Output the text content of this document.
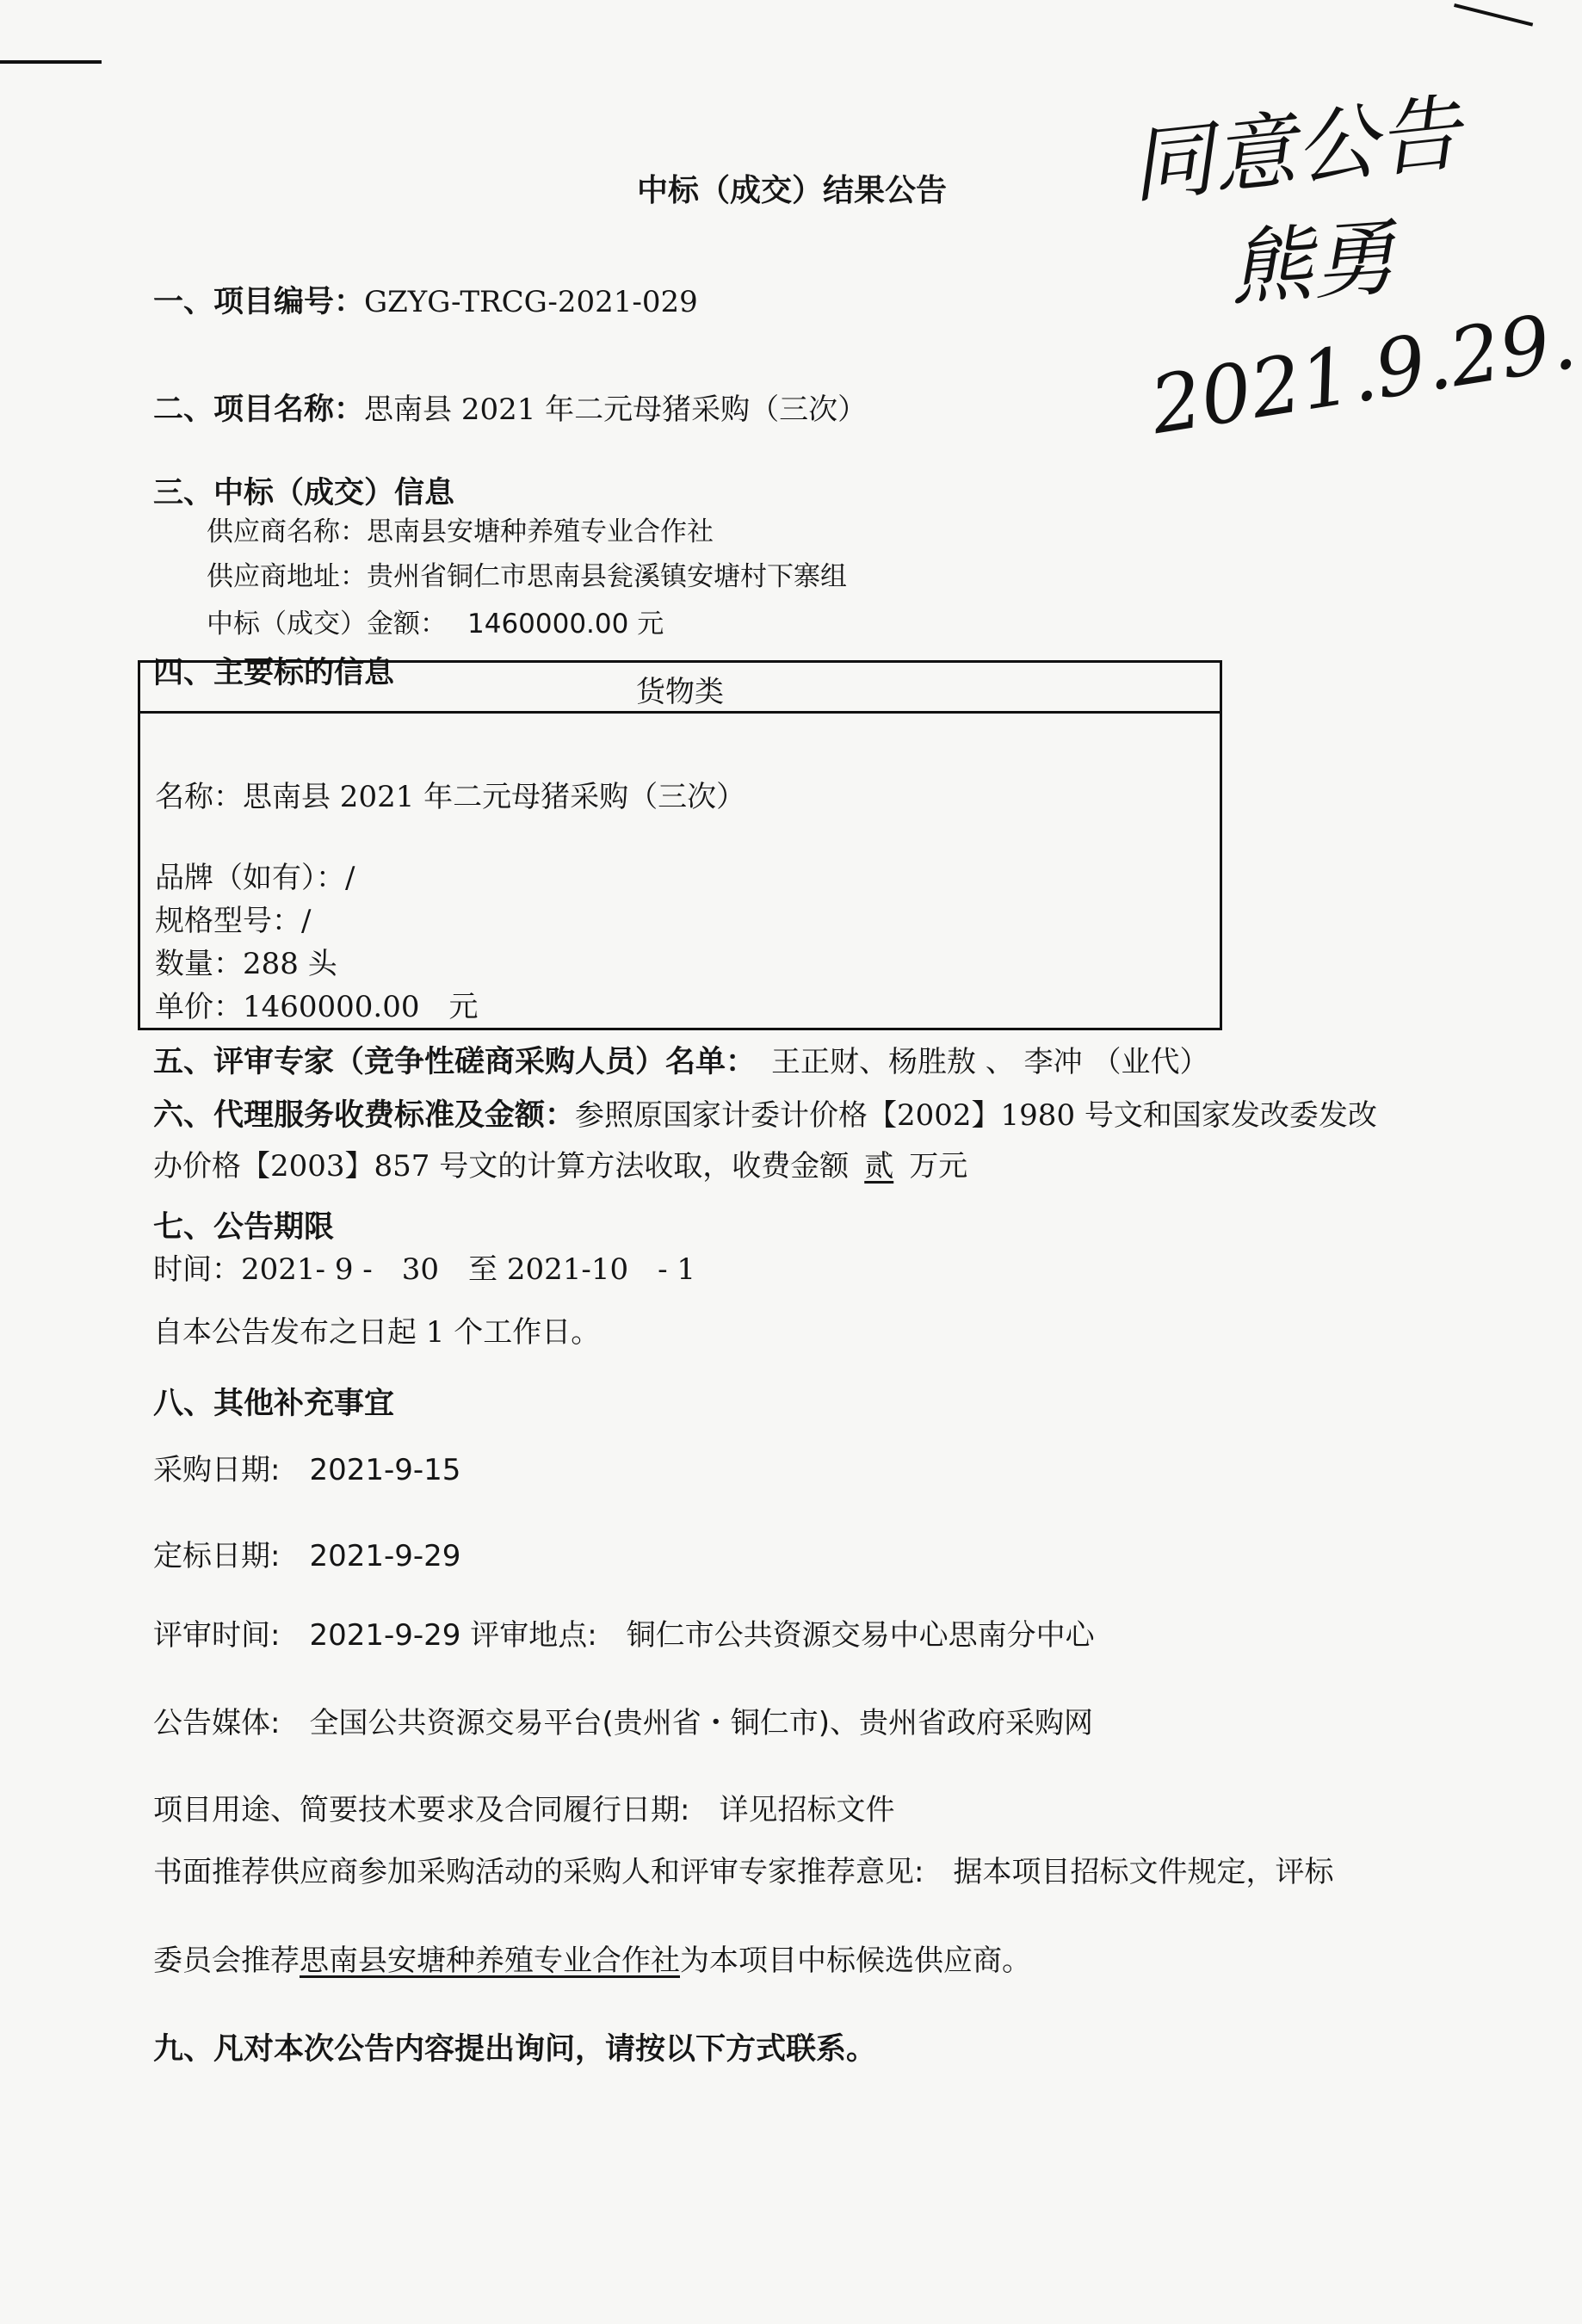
同意公告
熊勇
2021.9.29.
中标（成交）结果公告
一、项目编号：GZYG-TRCG-2021-029
二、项目名称：思南县 2021 年二元母猪采购（三次）
三、中标（成交）信息
供应商名称：思南县安塘种养殖专业合作社
供应商地址：贵州省铜仁市思南县瓮溪镇安塘村下寨组
中标（成交）金额： 1460000.00 元
四、主要标的信息
货物类
名称：思南县 2021 年二元母猪采购（三次）
品牌（如有）：/
规格型号：/
数量：288 头
单价：1460000.00　元
五、评审专家（竞争性磋商采购人员）名单： 王正财、杨胜敖 、 李冲 （业代）
六、代理服务收费标准及金额：参照原国家计委计价格【2002】1980 号文和国家发改委发改
办价格【2003】857 号文的计算方法收取，收费金额 贰 万元
七、公告期限
时间：2021- 9 -　30　至 2021-10　- 1
自本公告发布之日起 1 个工作日。
八、其他补充事宜
采购日期:　2021-9-15
定标日期:　2021-9-29
评审时间:　2021-9-29 评审地点:　铜仁市公共资源交易中心思南分中心
公告媒体:　全国公共资源交易平台(贵州省・铜仁市)、贵州省政府采购网
项目用途、简要技术要求及合同履行日期:　详见招标文件
书面推荐供应商参加采购活动的采购人和评审专家推荐意见:　据本项目招标文件规定，评标
委员会推荐思南县安塘种养殖专业合作社为本项目中标候选供应商。
九、凡对本次公告内容提出询问，请按以下方式联系。
